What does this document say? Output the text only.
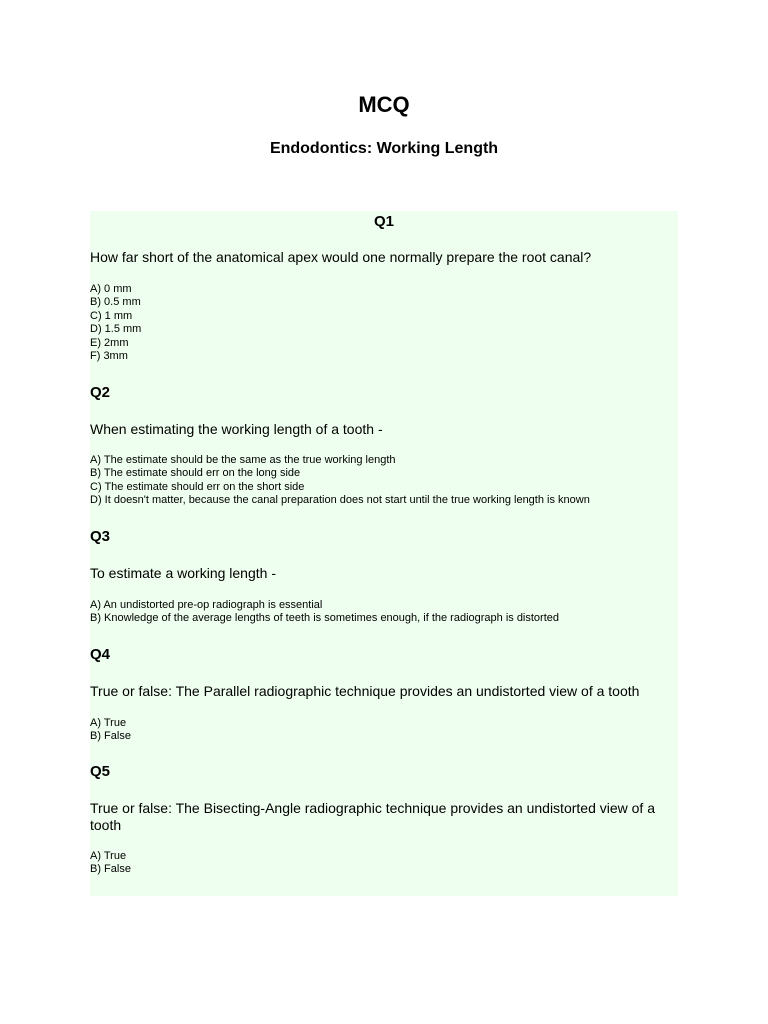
MCQ
Endodontics: Working Length
Q1

How far short of the anatomical apex would one normally prepare the root canal?

A) 0 mm
B) 0.5 mm
C) 1 mm
D) 1.5 mm
E) 2mm
F) 3mm
Q2

When estimating the working length of a tooth -

A) The estimate should be the same as the true working length
B) The estimate should err on the long side
C) The estimate should err on the short side
D) It doesn't matter, because the canal preparation does not start until the true working length is known
Q3

To estimate a working length -

A) An undistorted pre-op radiograph is essential
B) Knowledge of the average lengths of teeth is sometimes enough, if the radiograph is distorted
Q4

True or false: The Parallel radiographic technique provides an undistorted view of a tooth

A) True
B) False
Q5

True or false: The Bisecting-Angle radiographic technique provides an undistorted view of a tooth

A) True
B) False
